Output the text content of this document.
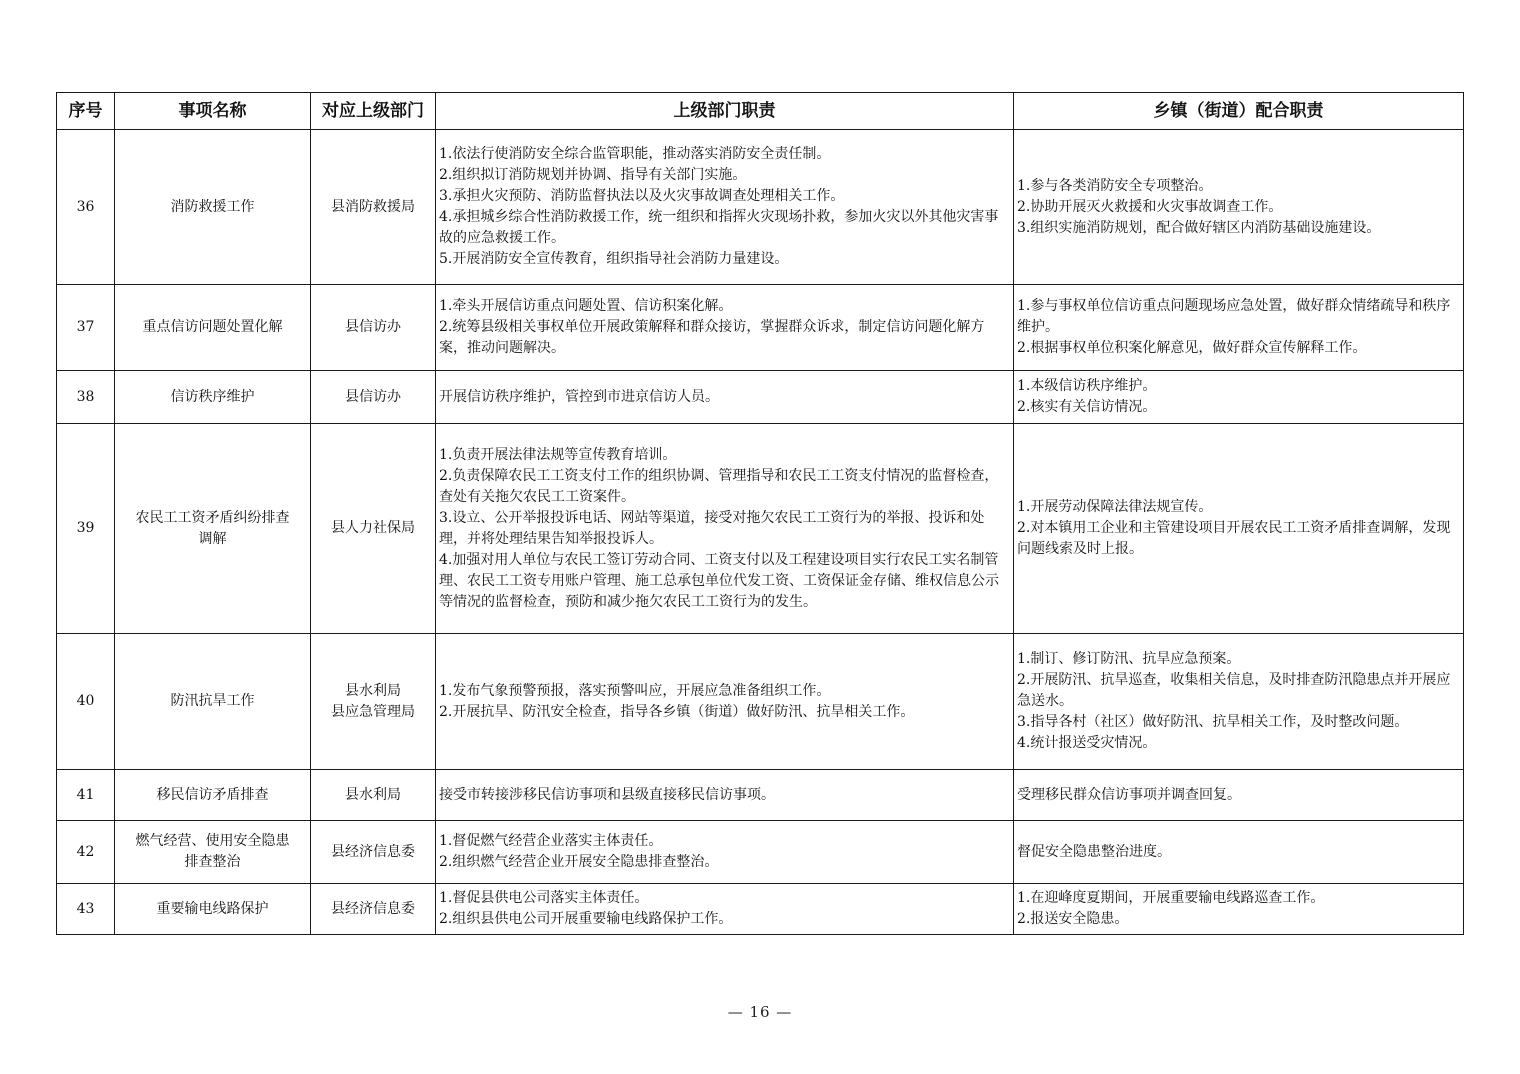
序号	事项名称	对应上级部门	上级部门职责	乡镇（街道）配合职责
36	消防救援工作	县消防救援局	1.依法行使消防安全综合监管职能，推动落实消防安全责任制。
2.组织拟订消防规划并协调、指导有关部门实施。
3.承担火灾预防、消防监督执法以及火灾事故调查处理相关工作。
4.承担城乡综合性消防救援工作，统一组织和指挥火灾现场扑救，参加火灾以外其他灾害事故的应急救援工作。
5.开展消防安全宣传教育，组织指导社会消防力量建设。	1.参与各类消防安全专项整治。
2.协助开展灭火救援和火灾事故调查工作。
3.组织实施消防规划，配合做好辖区内消防基础设施建设。

37	重点信访问题处置化解	县信访办	1.牵头开展信访重点问题处置、信访积案化解。
2.统筹县级相关事权单位开展政策解释和群众接访，掌握群众诉求，制定信访问题化解方案，推动问题解决。	1.参与事权单位信访重点问题现场应急处置，做好群众情绪疏导和秩序维护。
2.根据事权单位积案化解意见，做好群众宣传解释工作。

38	信访秩序维护	县信访办	开展信访秩序维护，管控到市进京信访人员。	1.本级信访秩序维护。
2.核实有关信访情况。

39	农民工工资矛盾纠纷排查
调解	县人力社保局	1.负责开展法律法规等宣传教育培训。
2.负责保障农民工工资支付工作的组织协调、管理指导和农民工工资支付情况的监督检查，查处有关拖欠农民工工资案件。
3.设立、公开举报投诉电话、网站等渠道，接受对拖欠农民工工资行为的举报、投诉和处理，并将处理结果告知举报投诉人。
4.加强对用人单位与农民工签订劳动合同、工资支付以及工程建设项目实行农民工实名制管理、农民工工资专用账户管理、施工总承包单位代发工资、工资保证金存储、维权信息公示等情况的监督检查，预防和减少拖欠农民工工资行为的发生。	1.开展劳动保障法律法规宣传。
2.对本镇用工企业和主管建设项目开展农民工工资矛盾排查调解，发现问题线索及时上报。

40	防汛抗旱工作	县水利局
县应急管理局	1.发布气象预警预报，落实预警叫应，开展应急准备组织工作。
2.开展抗旱、防汛安全检查，指导各乡镇（街道）做好防汛、抗旱相关工作。	1.制订、修订防汛、抗旱应急预案。
2.开展防汛、抗旱巡查，收集相关信息，及时排查防汛隐患点并开展应急送水。
3.指导各村（社区）做好防汛、抗旱相关工作，及时整改问题。
4.统计报送受灾情况。

41	移民信访矛盾排查	县水利局	接受市转接涉移民信访事项和县级直接移民信访事项。	受理移民群众信访事项并调查回复。

42	燃气经营、使用安全隐患
排查整治	县经济信息委	1.督促燃气经营企业落实主体责任。
2.组织燃气经营企业开展安全隐患排查整治。	督促安全隐患整治进度。

43	重要输电线路保护	县经济信息委	1.督促县供电公司落实主体责任。
2.组织县供电公司开展重要输电线路保护工作。	1.在迎峰度夏期间，开展重要输电线路巡查工作。
2.报送安全隐患。
— 16 —
